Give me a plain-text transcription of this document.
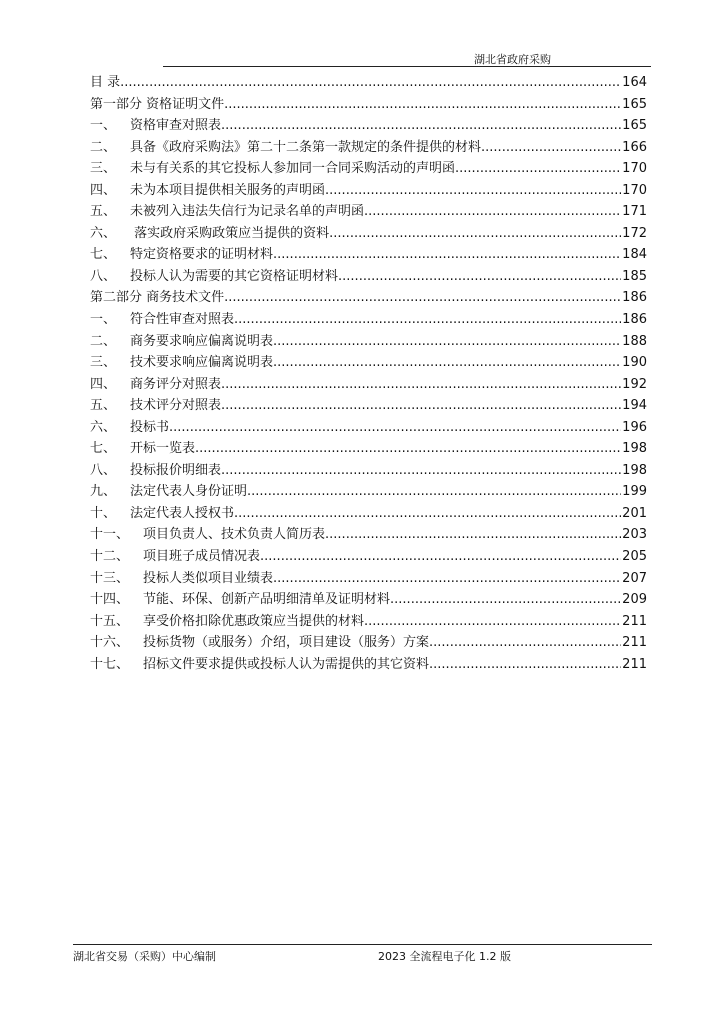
湖北省政府采购
目 录 .....	164
第一部分 资格证明文件 .....	165
一、	资格审查对照表 .....	165
二、	具备《政府采购法》第二十二条第一款规定的条件提供的材料 .....	166
三、	未与有关系的其它投标人参加同一合同采购活动的声明函 .....	170
四、	未为本项目提供相关服务的声明函 .....	170
五、	未被列入违法失信行为记录名单的声明函 .....	171
六、	落实政府采购政策应当提供的资料 .....	172
七、	特定资格要求的证明材料 .....	184
八、	投标人认为需要的其它资格证明材料 .....	185
第二部分 商务技术文件 .....	186
一、	符合性审查对照表 .....	186
二、	商务要求响应偏离说明表 .....	188
三、	技术要求响应偏离说明表 .....	190
四、	商务评分对照表 .....	192
五、	技术评分对照表 .....	194
六、	投标书 .....	196
七、	开标一览表 .....	198
八、	投标报价明细表 .....	198
九、	法定代表人身份证明 .....	199
十、	法定代表人授权书 .....	201
十一、	项目负责人、技术负责人简历表 .....	203
十二、	项目班子成员情况表 .....	205
十三、	投标人类似项目业绩表 .....	207
十四、	节能、环保、创新产品明细清单及证明材料 .....	209
十五、	享受价格扣除优惠政策应当提供的材料 .....	211
十六、	投标货物（或服务）介绍，项目建设（服务）方案 .....	211
十七、	招标文件要求提供或投标人认为需提供的其它资料 .....	211
湖北省交易（采购）中心编制	2023 全流程电子化 1.2 版
